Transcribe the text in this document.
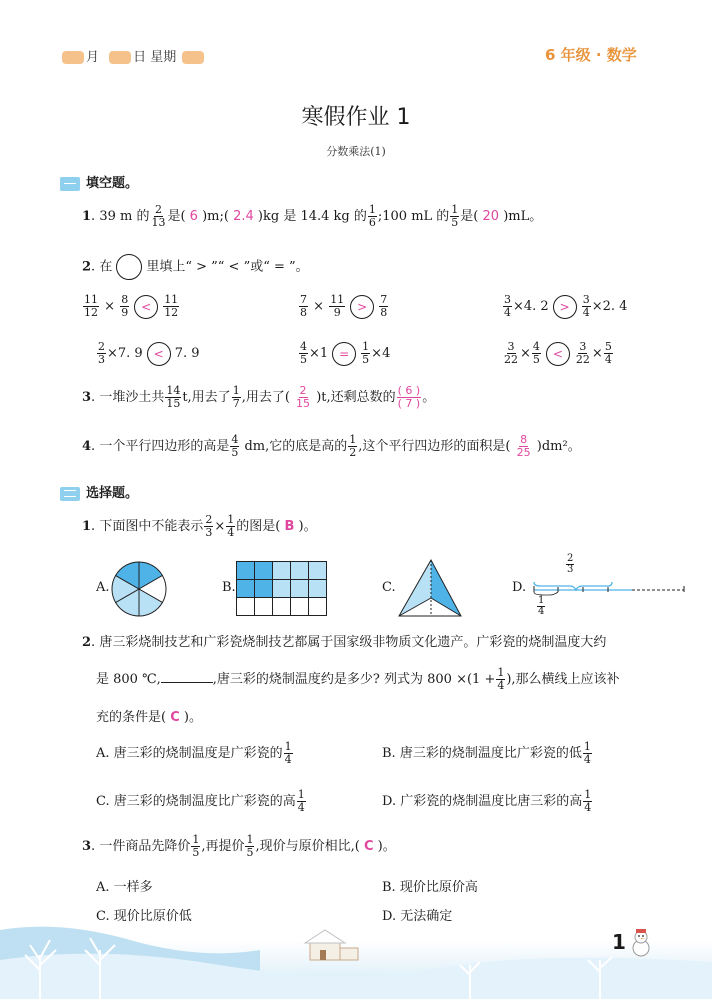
月	日 星期	6 年级 · 数学
寒假作业 1
分数乘法(1)
填空题。
1. 39 m 的 $\frac{2}{13}$ 是( 6 )m;( 2.4 )kg 是 14.4 kg 的 $\frac{1}{6}$ ;100 mL 的 $\frac{1}{5}$ 是( 20 )mL。
2. 在	里填上“ > ”“ < ”或“ = ”。
$\frac{11}{12} \times \frac{8}{9} < \frac{11}{12}$	$\frac{7}{8} \times \frac{11}{9} > \frac{7}{8}$	$\frac{3}{4} \times 4$. $2 > \frac{3}{4} \times 2$. 4
$\frac{2}{3} \times 7$. 9 < 7. 9	$\frac{4}{5} \times 1 = \frac{1}{5} \times 4$	$\frac{3}{22} \times \frac{4}{5} < \frac{3}{22} \times \frac{5}{4}$
3. 一堆沙土共 $\frac{14}{15} t$,用去了 $\frac{1}{7}$ ,用去了( $\frac{2}{15} )t$,还剩总数的 $\frac{( 6 )}{( 7 )}$ 。
4. 一个平行四边形的高是 $\frac{4}{5}$ dm,它的底是高的 $\frac{1}{2}$ ,这个平行四边形的面积是( $\frac{8}{25} )dm^2$。
选择题。
1. 下面图中不能表示 $\frac{2}{3} \times \frac{1}{4}$ 的图是( B )。
A.	B.	C.	D.
$\frac{2}{3}$
$\frac{1}{4}$
2. 唐三彩烧制技艺和广彩瓷烧制技艺都属于国家级非物质文化遗产。广彩瓷的烧制温度大约
是 800 ℃,	,唐三彩的烧制温度约是多少? 列式为 $800 \times(1 + \frac{1}{4}$ ),那么横线上应该补
充的条件是( C )。
A. 唐三彩的烧制温度是广彩瓷的 $\frac{1}{4}$	B. 唐三彩的烧制温度比广彩瓷的低 $\frac{1}{4}$
C. 唐三彩的烧制温度比广彩瓷的高 $\frac{1}{4}$	D. 广彩瓷的烧制温度比唐三彩的高 $\frac{1}{4}$
3. 一件商品先降价 $\frac{1}{5}$ ,再提价 $\frac{1}{5}$ ,现价与原价相比,( C )。
A. 一样多	B. 现价比原价高
C. 现价比原价低	D. 无法确定
1
